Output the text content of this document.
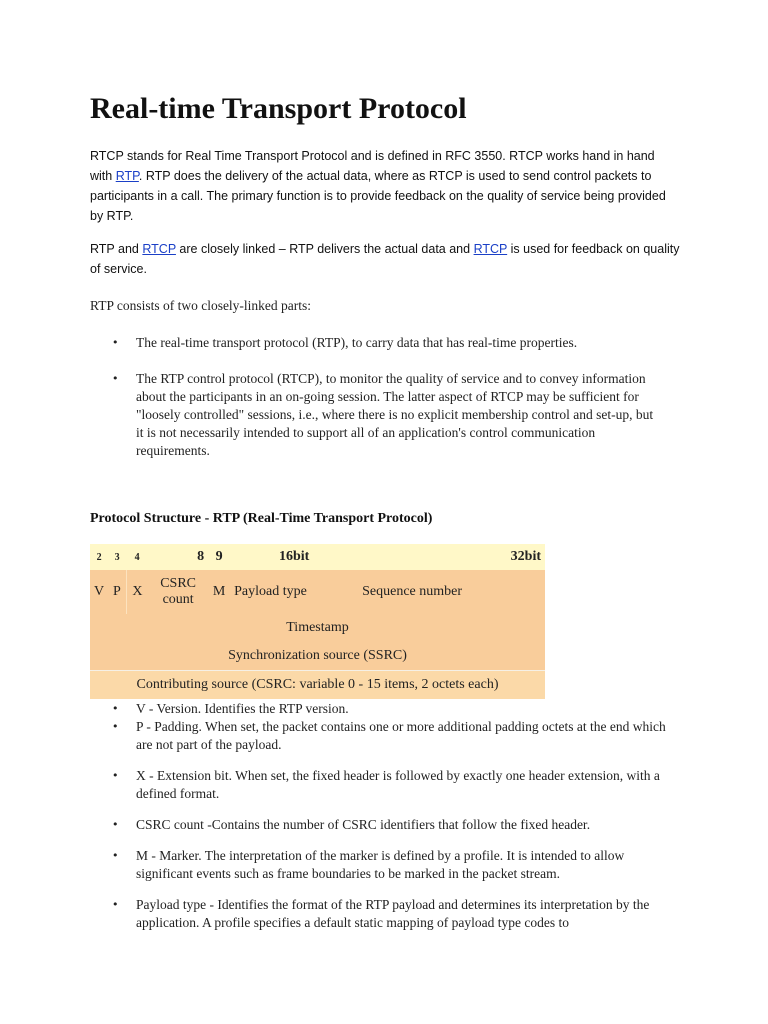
Real-time Transport Protocol
RTCP stands for Real Time Transport Protocol and is defined in RFC 3550. RTCP works hand in hand with RTP. RTP does the delivery of the actual data, where as RTCP is used to send control packets to participants in a call. The primary function is to provide feedback on the quality of service being provided by RTP.
RTP and RTCP are closely linked – RTP delivers the actual data and RTCP is used for feedback on quality of service.
RTP consists of two closely-linked parts:
• The real-time transport protocol (RTP), to carry data that has real-time properties.
• The RTP control protocol (RTCP), to monitor the quality of service and to convey information about the participants in an on-going session. The latter aspect of RTCP may be sufficient for "loosely controlled" sessions, i.e., where there is no explicit membership control and set-up, but it is not necessarily intended to support all of an application's control communication requirements.
Protocol Structure - RTP (Real-Time Transport Protocol)
2	3	4	8	9	16bit	32bit
V	P	X	CSRC count	M	Payload type	Sequence number
Timestamp						
Synchronization source (SSRC)						
Contributing source (CSRC: variable 0 - 15 items, 2 octets each)						
• V - Version. Identifies the RTP version.
• P - Padding. When set, the packet contains one or more additional padding octets at the end which are not part of the payload.
• X - Extension bit. When set, the fixed header is followed by exactly one header extension, with a defined format.
• CSRC count -Contains the number of CSRC identifiers that follow the fixed header.
• M - Marker. The interpretation of the marker is defined by a profile. It is intended to allow significant events such as frame boundaries to be marked in the packet stream.
• Payload type - Identifies the format of the RTP payload and determines its interpretation by the application. A profile specifies a default static mapping of payload type codes to
